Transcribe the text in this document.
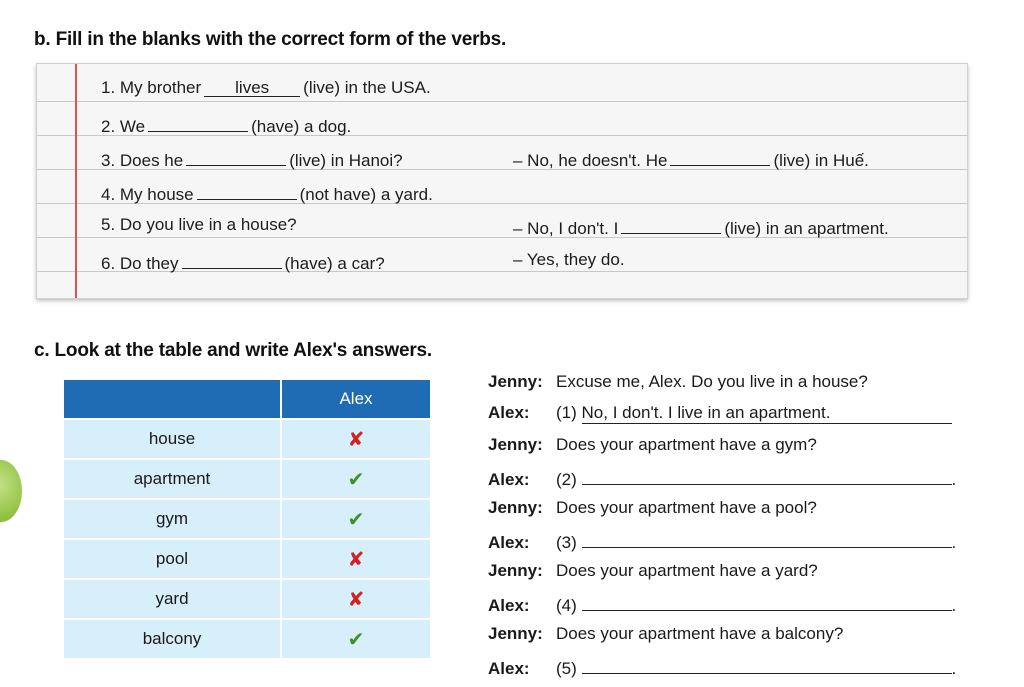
b. Fill in the blanks with the correct form of the verbs.
1. My brother lives (live) in the USA.
2. We	(have) a dog.
3. Does he	(live) in Hanoi?	– No, he doesn't. He	(live) in Huế.
4. My house	(not have) a yard.
5. Do you live in a house?	– No, I don't. I	(live) in an apartment.
6. Do they	(have) a car?	– Yes, they do.
c. Look at the table and write Alex's answers.
	Alex
house	✘
apartment	✔
gym	✔
pool	✘
yard	✘
balcony	✔
Jenny: Excuse me, Alex. Do you live in a house?
Alex: (1) No, I don't. I live in an apartment.
Jenny: Does your apartment have a gym?
Alex: (2)	.
Jenny: Does your apartment have a pool?
Alex: (3)	.
Jenny: Does your apartment have a yard?
Alex: (4)	.
Jenny: Does your apartment have a balcony?
Alex: (5)	.
